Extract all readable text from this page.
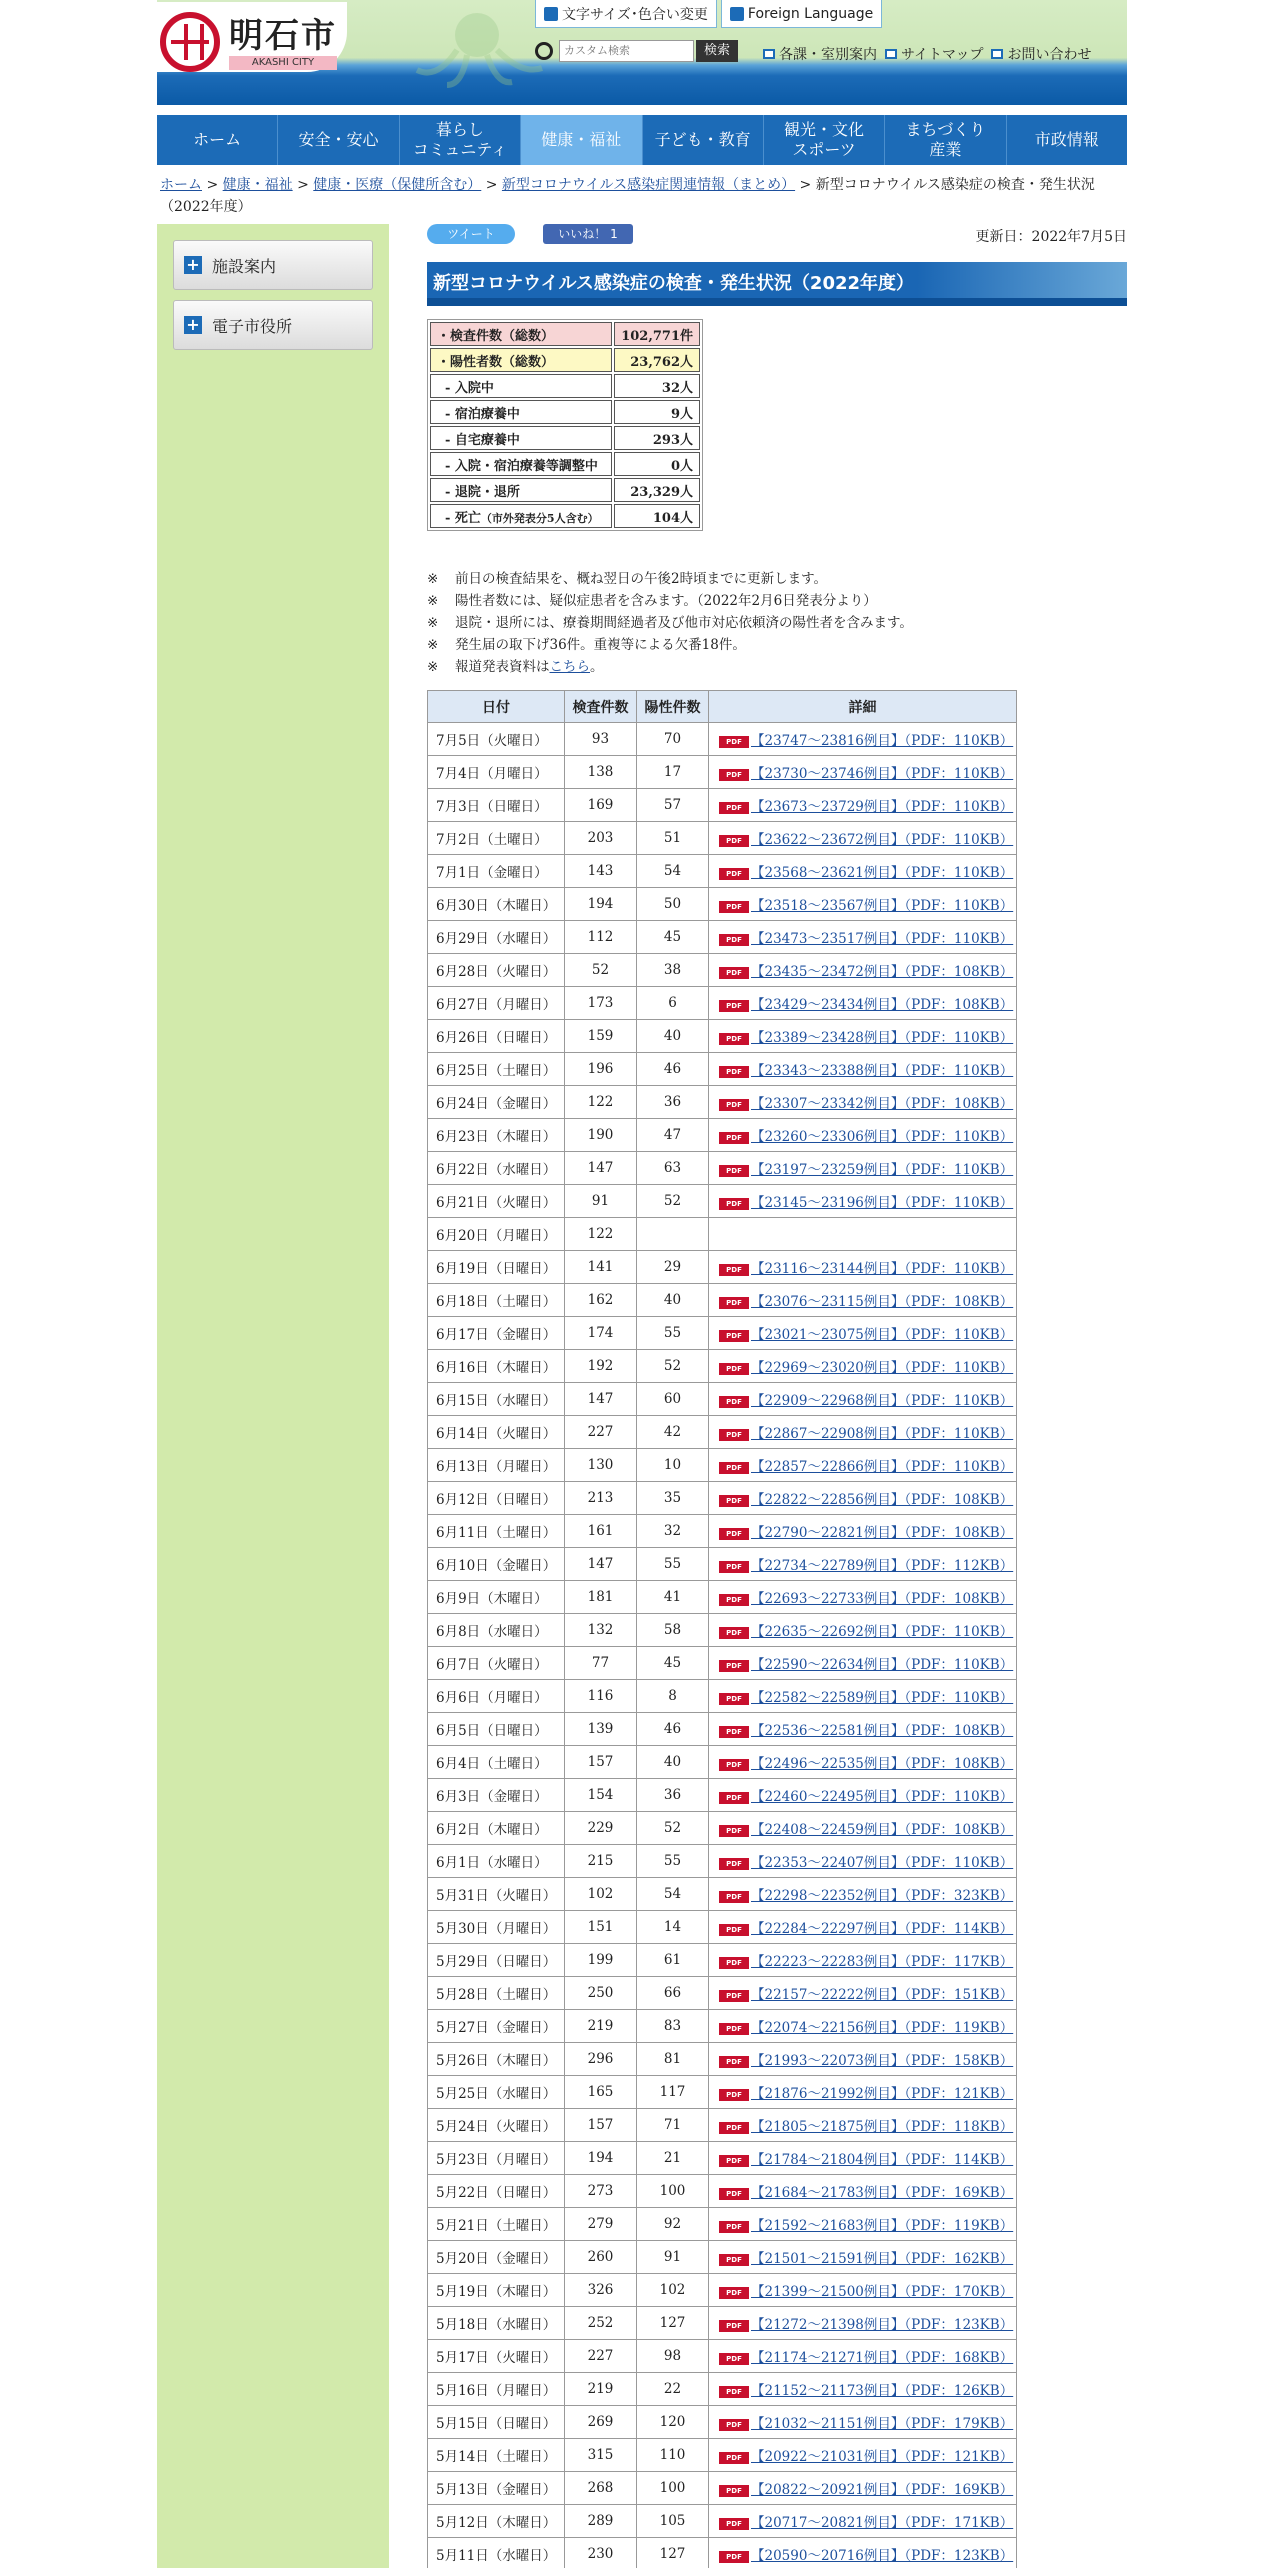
明石市
AKASHI CITY
文字サイズ･色合い変更	Foreign Language
カスタム検索
検索	各課・室別案内 サイトマップ お問い合わせ
ホーム	安全・安心
暮らし
コミュニティ
健康・福祉	子ども・教育
観光・文化
スポーツ
まちづくり
産業
市政情報
ホーム > 健康・福祉 > 健康・医療（保健所含む） > 新型コロナウイルス感染症関連情報（まとめ） > 新型コロナウイルス感染症の検査・発生状況（2022年度）
+ 施設案内
+ 電子市役所
ツイート	いいね！ 1	更新日：2022年7月5日
新型コロナウイルス感染症の検査・発生状況（2022年度）
・検査件数（総数）	102,771件
・陽性者数（総数）	23,762人
- 入院中	32人
- 宿泊療養中	9人
- 自宅療養中	293人
- 入院・宿泊療養等調整中	0人
- 退院・退所	23,329人
- 死亡（市外発表分5人含む）	104人
※	前日の検査結果を、概ね翌日の午後2時頃までに更新します。
※	陽性者数には、疑似症患者を含みます。（2022年2月6日発表分より）
※	退院・退所には、療養期間経過者及び他市対応依頼済の陽性者を含みます。
※	発生届の取下げ36件。重複等による欠番18件。
※	報道発表資料は こちら 。
日付	検査件数	陽性件数	詳細
7月5日（火曜日）	93	70	PDF 【23747～23816例目】（PDF：110KB）
7月4日（月曜日）	138	17	PDF 【23730～23746例目】（PDF：110KB）
7月3日（日曜日）	169	57	PDF 【23673～23729例目】（PDF：110KB）
7月2日（土曜日）	203	51	PDF 【23622～23672例目】（PDF：110KB）
7月1日（金曜日）	143	54	PDF 【23568～23621例目】（PDF：110KB）
6月30日（木曜日）	194	50	PDF 【23518～23567例目】（PDF：110KB）
6月29日（水曜日）	112	45	PDF 【23473～23517例目】（PDF：110KB）
6月28日（火曜日）	52	38	PDF 【23435～23472例目】（PDF：108KB）
6月27日（月曜日）	173	6	PDF 【23429～23434例目】（PDF：108KB）
6月26日（日曜日）	159	40	PDF 【23389～23428例目】（PDF：110KB）
6月25日（土曜日）	196	46	PDF 【23343～23388例目】（PDF：110KB）
6月24日（金曜日）	122	36	PDF 【23307～23342例目】（PDF：108KB）
6月23日（木曜日）	190	47	PDF 【23260～23306例目】（PDF：110KB）
6月22日（水曜日）	147	63	PDF 【23197～23259例目】（PDF：110KB）
6月21日（火曜日）	91	52	PDF 【23145～23196例目】（PDF：110KB）
6月20日（月曜日）	122		
6月19日（日曜日）	141	29	PDF 【23116～23144例目】（PDF：110KB）
6月18日（土曜日）	162	40	PDF 【23076～23115例目】（PDF：108KB）
6月17日（金曜日）	174	55	PDF 【23021～23075例目】（PDF：110KB）
6月16日（木曜日）	192	52	PDF 【22969～23020例目】（PDF：110KB）
6月15日（水曜日）	147	60	PDF 【22909～22968例目】（PDF：110KB）
6月14日（火曜日）	227	42	PDF 【22867～22908例目】（PDF：110KB）
6月13日（月曜日）	130	10	PDF 【22857～22866例目】（PDF：110KB）
6月12日（日曜日）	213	35	PDF 【22822～22856例目】（PDF：108KB）
6月11日（土曜日）	161	32	PDF 【22790～22821例目】（PDF：108KB）
6月10日（金曜日）	147	55	PDF 【22734～22789例目】（PDF：112KB）
6月9日（木曜日）	181	41	PDF 【22693～22733例目】（PDF：108KB）
6月8日（水曜日）	132	58	PDF 【22635～22692例目】（PDF：110KB）
6月7日（火曜日）	77	45	PDF 【22590～22634例目】（PDF：110KB）
6月6日（月曜日）	116	8	PDF 【22582～22589例目】（PDF：110KB）
6月5日（日曜日）	139	46	PDF 【22536～22581例目】（PDF：108KB）
6月4日（土曜日）	157	40	PDF 【22496～22535例目】（PDF：108KB）
6月3日（金曜日）	154	36	PDF 【22460～22495例目】（PDF：110KB）
6月2日（木曜日）	229	52	PDF 【22408～22459例目】（PDF：108KB）
6月1日（水曜日）	215	55	PDF 【22353～22407例目】（PDF：110KB）
5月31日（火曜日）	102	54	PDF 【22298～22352例目】（PDF：323KB）
5月30日（月曜日）	151	14	PDF 【22284～22297例目】（PDF：114KB）
5月29日（日曜日）	199	61	PDF 【22223～22283例目】（PDF：117KB）
5月28日（土曜日）	250	66	PDF 【22157～22222例目】（PDF：151KB）
5月27日（金曜日）	219	83	PDF 【22074～22156例目】（PDF：119KB）
5月26日（木曜日）	296	81	PDF 【21993～22073例目】（PDF：158KB）
5月25日（水曜日）	165	117	PDF 【21876～21992例目】（PDF：121KB）
5月24日（火曜日）	157	71	PDF 【21805～21875例目】（PDF：118KB）
5月23日（月曜日）	194	21	PDF 【21784～21804例目】（PDF：114KB）
5月22日（日曜日）	273	100	PDF 【21684～21783例目】（PDF：169KB）
5月21日（土曜日）	279	92	PDF 【21592～21683例目】（PDF：119KB）
5月20日（金曜日）	260	91	PDF 【21501～21591例目】（PDF：162KB）
5月19日（木曜日）	326	102	PDF 【21399～21500例目】（PDF：170KB）
5月18日（水曜日）	252	127	PDF 【21272～21398例目】（PDF：123KB）
5月17日（火曜日）	227	98	PDF 【21174～21271例目】（PDF：168KB）
5月16日（月曜日）	219	22	PDF 【21152～21173例目】（PDF：126KB）
5月15日（日曜日）	269	120	PDF 【21032～21151例目】（PDF：179KB）
5月14日（土曜日）	315	110	PDF 【20922～21031例目】（PDF：121KB）
5月13日（金曜日）	268	100	PDF 【20822～20921例目】（PDF：169KB）
5月12日（木曜日）	289	105	PDF 【20717～20821例目】（PDF：171KB）
5月11日（水曜日）	230	127	PDF 【20590～20716例目】（PDF：123KB）
